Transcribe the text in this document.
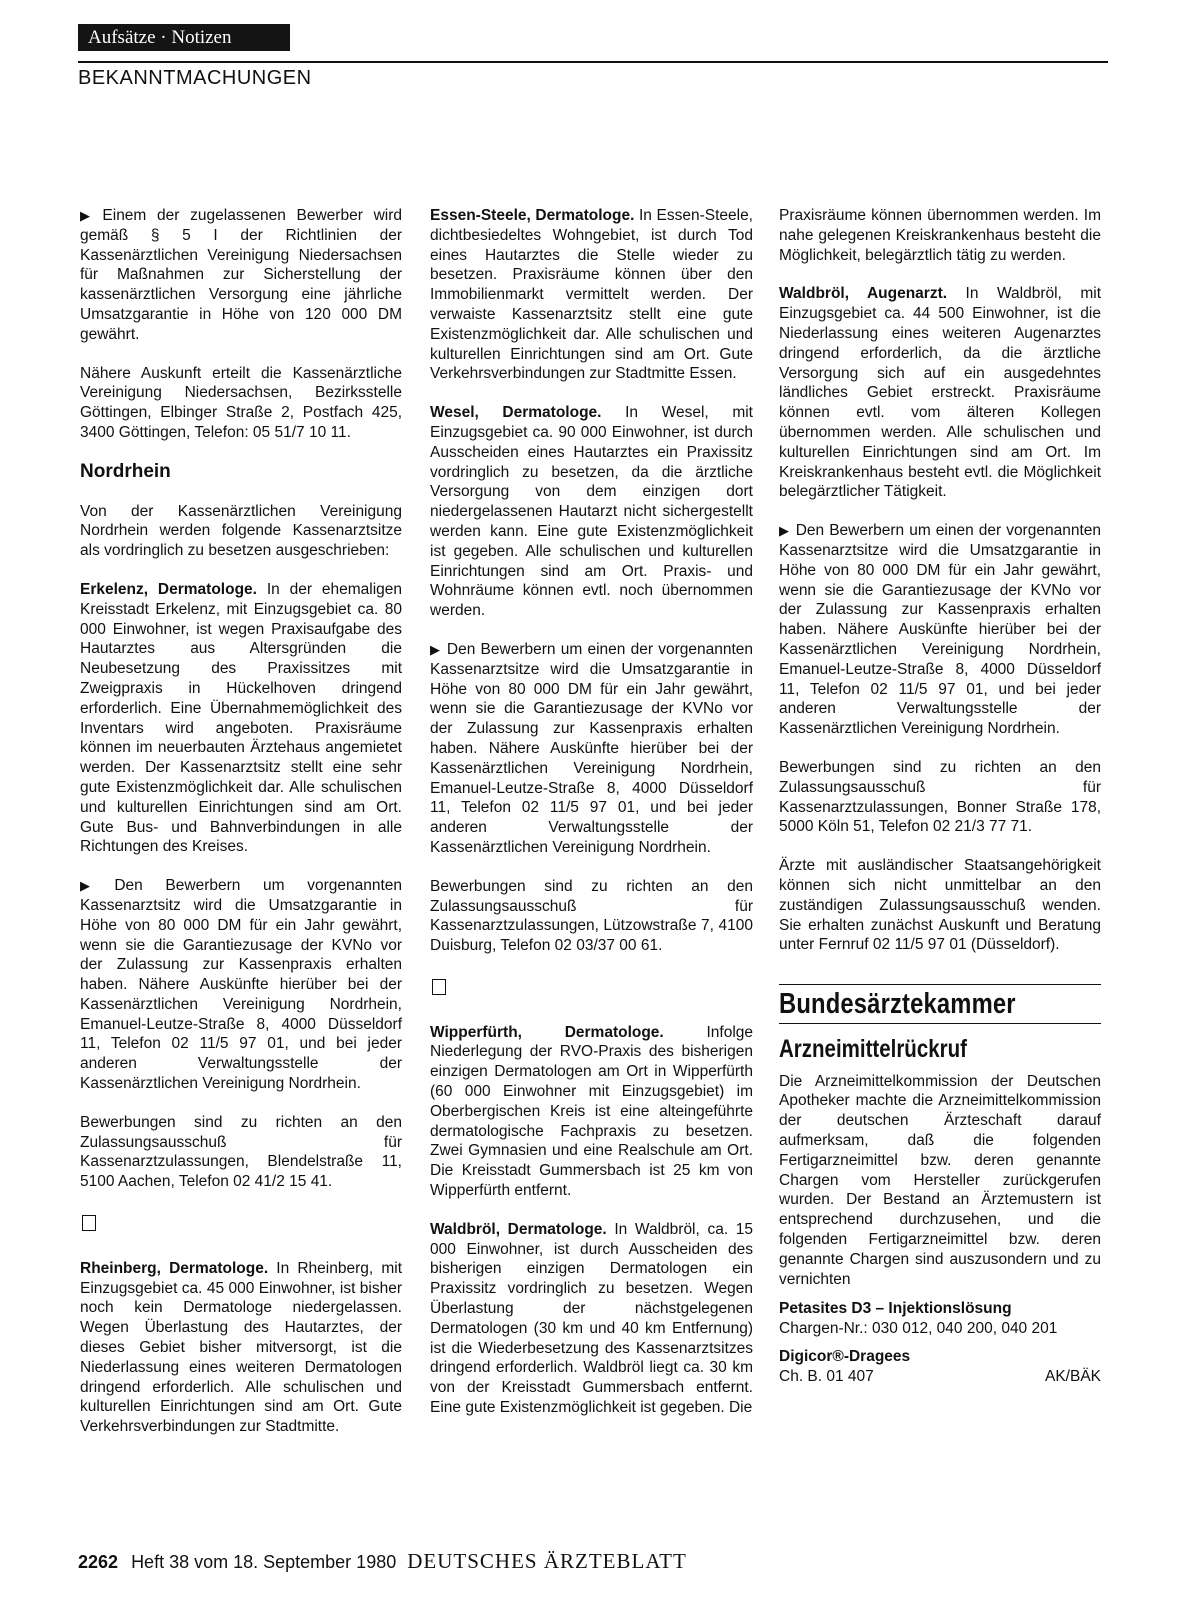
Aufsätze · Notizen
BEKANNTMACHUNGEN

▶ Einem der zugelassenen Bewerber wird gemäß § 5 I der Richtlinien der Kassenärztlichen Vereinigung Niedersachsen für Maßnahmen zur Sicherstellung der kassenärztlichen Versorgung eine jährliche Umsatzgarantie in Höhe von 120 000 DM gewährt.

Nähere Auskunft erteilt die Kassenärztliche Vereinigung Niedersachsen, Bezirksstelle Göttingen, Elbinger Straße 2, Postfach 425, 3400 Göttingen, Telefon: 05 51/7 10 11.

Nordrhein

Von der Kassenärztlichen Vereinigung Nordrhein werden folgende Kassenarztsitze als vordringlich zu besetzen ausgeschrieben:

Erkelenz, Dermatologe. In der ehemaligen Kreisstadt Erkelenz, mit Einzugsgebiet ca. 80 000 Einwohner, ist wegen Praxisaufgabe des Hautarztes aus Altersgründen die Neubesetzung des Praxissitzes mit Zweigpraxis in Hückelhoven dringend erforderlich. Eine Übernahmemöglichkeit des Inventars wird angeboten. Praxisräume können im neuerbauten Ärztehaus angemietet werden. Der Kassenarztsitz stellt eine sehr gute Existenzmöglichkeit dar. Alle schulischen und kulturellen Einrichtungen sind am Ort. Gute Bus- und Bahnverbindungen in alle Richtungen des Kreises.

▶ Den Bewerbern um vorgenannten Kassenarztsitz wird die Umsatzgarantie in Höhe von 80 000 DM für ein Jahr gewährt, wenn sie die Garantiezusage der KVNo vor der Zulassung zur Kassenpraxis erhalten haben. Nähere Auskünfte hierüber bei der Kassenärztlichen Vereinigung Nordrhein, Emanuel-Leutze-Straße 8, 4000 Düsseldorf 11, Telefon 02 11/5 97 01, und bei jeder anderen Verwaltungsstelle der Kassenärztlichen Vereinigung Nordrhein.

Bewerbungen sind zu richten an den Zulassungsausschuß für Kassenarztzulassungen, Blendelstraße 11, 5100 Aachen, Telefon 02 41/2 15 41.

Rheinberg, Dermatologe. In Rheinberg, mit Einzugsgebiet ca. 45 000 Einwohner, ist bisher noch kein Dermatologe niedergelassen. Wegen Überlastung des Hautarztes, der dieses Gebiet bisher mitversorgt, ist die Niederlassung eines weiteren Dermatologen dringend erforderlich. Alle schulischen und kulturellen Einrichtungen sind am Ort. Gute Verkehrsverbindungen zur Stadtmitte.

Essen-Steele, Dermatologe. In Essen-Steele, dichtbesiedeltes Wohngebiet, ist durch Tod eines Hautarztes die Stelle wieder zu besetzen. Praxisräume können über den Immobilienmarkt vermittelt werden. Der verwaiste Kassenarztsitz stellt eine gute Existenzmöglichkeit dar. Alle schulischen und kulturellen Einrichtungen sind am Ort. Gute Verkehrsverbindungen zur Stadtmitte Essen.

Wesel, Dermatologe. In Wesel, mit Einzugsgebiet ca. 90 000 Einwohner, ist durch Ausscheiden eines Hautarztes ein Praxissitz vordringlich zu besetzen, da die ärztliche Versorgung von dem einzigen dort niedergelassenen Hautarzt nicht sichergestellt werden kann. Eine gute Existenzmöglichkeit ist gegeben. Alle schulischen und kulturellen Einrichtungen sind am Ort. Praxis- und Wohnräume können evtl. noch übernommen werden.

▶ Den Bewerbern um einen der vorgenannten Kassenarztsitze wird die Umsatzgarantie in Höhe von 80 000 DM für ein Jahr gewährt, wenn sie die Garantiezusage der KVNo vor der Zulassung zur Kassenpraxis erhalten haben. Nähere Auskünfte hierüber bei der Kassenärztlichen Vereinigung Nordrhein, Emanuel-Leutze-Straße 8, 4000 Düsseldorf 11, Telefon 02 11/5 97 01, und bei jeder anderen Verwaltungsstelle der Kassenärztlichen Vereinigung Nordrhein.

Bewerbungen sind zu richten an den Zulassungsausschuß für Kassenarztzulassungen, Lützowstraße 7, 4100 Duisburg, Telefon 02 03/37 00 61.

Wipperfürth, Dermatologe.	Infolge Niederlegung der RVO-Praxis des bisherigen einzigen Dermatologen am Ort in Wipperfürth (60 000 Einwohner mit Einzugsgebiet) im Oberbergischen Kreis ist eine alteingeführte dermatologische Fachpraxis zu besetzen. Zwei Gymnasien und eine Realschule am Ort. Die Kreisstadt Gummersbach ist 25 km von Wipperfürth entfernt.

Waldbröl, Dermatologe. In Waldbröl, ca. 15 000 Einwohner, ist durch Ausscheiden des bisherigen einzigen Dermatologen ein Praxissitz vordringlich zu besetzen. Wegen Überlastung der nächstgelegenen Dermatologen (30 km und 40 km Entfernung) ist die Wiederbesetzung des Kassenarztsitzes dringend erforderlich. Waldbröl liegt ca. 30 km von der Kreisstadt Gummersbach entfernt. Eine gute Existenzmöglichkeit ist gegeben. Die

Praxisräume können übernommen werden. Im nahe gelegenen Kreiskrankenhaus besteht die Möglichkeit, belegärztlich tätig zu werden.

Waldbröl, Augenarzt. In Waldbröl, mit Einzugsgebiet ca. 44 500 Einwohner, ist die Niederlassung eines weiteren Augenarztes dringend erforderlich, da die ärztliche Versorgung sich auf ein ausgedehntes ländliches Gebiet erstreckt. Praxisräume können evtl. vom älteren Kollegen übernommen werden. Alle schulischen und kulturellen Einrichtungen sind am Ort. Im Kreiskrankenhaus besteht evtl. die Möglichkeit belegärztlicher Tätigkeit.

▶ Den Bewerbern um einen der vorgenannten Kassenarztsitze wird die Umsatzgarantie in Höhe von 80 000 DM für ein Jahr gewährt, wenn sie die Garantiezusage der KVNo vor der Zulassung zur Kassenpraxis erhalten haben. Nähere Auskünfte hierüber bei der Kassenärztlichen Vereinigung Nordrhein, Emanuel-Leutze-Straße 8, 4000 Düsseldorf 11, Telefon 02 11/5 97 01, und bei jeder anderen Verwaltungsstelle der Kassenärztlichen Vereinigung Nordrhein.

Bewerbungen sind zu richten an den Zulassungsausschuß für Kassenarztzulassungen, Bonner Straße 178, 5000 Köln 51, Telefon 02 21/3 77 71.

Ärzte mit ausländischer Staatsangehörigkeit können sich nicht unmittelbar an den zuständigen Zulassungsausschuß wenden. Sie erhalten zunächst Auskunft und Beratung unter Fernruf 02 11/5 97 01 (Düsseldorf).

Bundesärztekammer
Arzneimittelrückruf

Die Arzneimittelkommission der Deutschen Apotheker machte die Arzneimittelkommission der deutschen Ärzteschaft darauf aufmerksam, daß die folgenden Fertigarzneimittel bzw. deren genannte Chargen vom Hersteller zurückgerufen wurden. Der Bestand an Ärztemustern ist entsprechend durchzusehen, und die folgenden Fertigarzneimittel bzw. deren genannte Chargen sind auszusondern und zu vernichten

Petasites D3 – Injektionslösung

Chargen-Nr.: 030 012, 040 200, 040 201

Digicor®-Dragees

Ch. B. 01 407	AK/BÄK

2262 Heft 38 vom 18. September 1980 DEUTSCHES ÄRZTEBLATT
